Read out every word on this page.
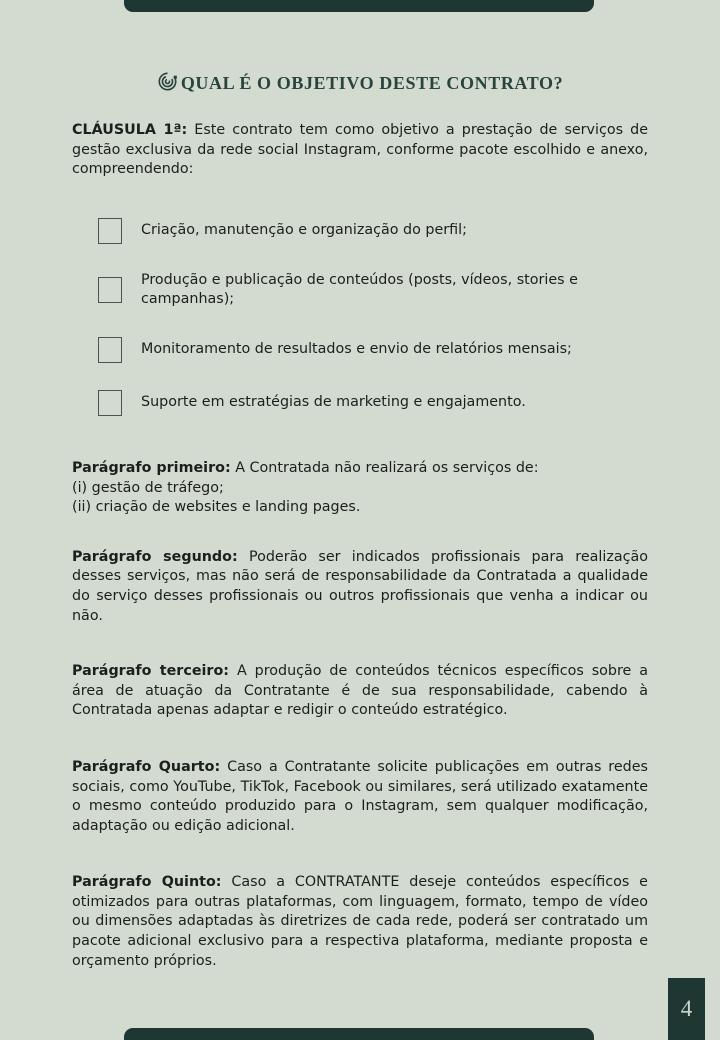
QUAL É O OBJETIVO DESTE CONTRATO?

CLÁUSULA 1ª: Este contrato tem como objetivo a prestação de serviços de gestão exclusiva da rede social Instagram, conforme pacote escolhido e anexo, compreendendo:

Criação, manutenção e organização do perfil;
Produção e publicação de conteúdos (posts, vídeos, stories e campanhas);
Monitoramento de resultados e envio de relatórios mensais;
Suporte em estratégias de marketing e engajamento.

Parágrafo primeiro: A Contratada não realizará os serviços de:
(i) gestão de tráfego;
(ii) criação de websites e landing pages.

Parágrafo segundo: Poderão ser indicados profissionais para realização desses serviços, mas não será de responsabilidade da Contratada a qualidade do serviço desses profissionais ou outros profissionais que venha a indicar ou não.

Parágrafo terceiro: A produção de conteúdos técnicos específicos sobre a área de atuação da Contratante é de sua responsabilidade, cabendo à Contratada apenas adaptar e redigir o conteúdo estratégico.

Parágrafo Quarto: Caso a Contratante solicite publicações em outras redes sociais, como YouTube, TikTok, Facebook ou similares, será utilizado exatamente o mesmo conteúdo produzido para o Instagram, sem qualquer modificação, adaptação ou edição adicional.

Parágrafo Quinto: Caso a CONTRATANTE deseje conteúdos específicos e otimizados para outras plataformas, com linguagem, formato, tempo de vídeo ou dimensões adaptadas às diretrizes de cada rede, poderá ser contratado um pacote adicional exclusivo para a respectiva plataforma, mediante proposta e orçamento próprios.

4
